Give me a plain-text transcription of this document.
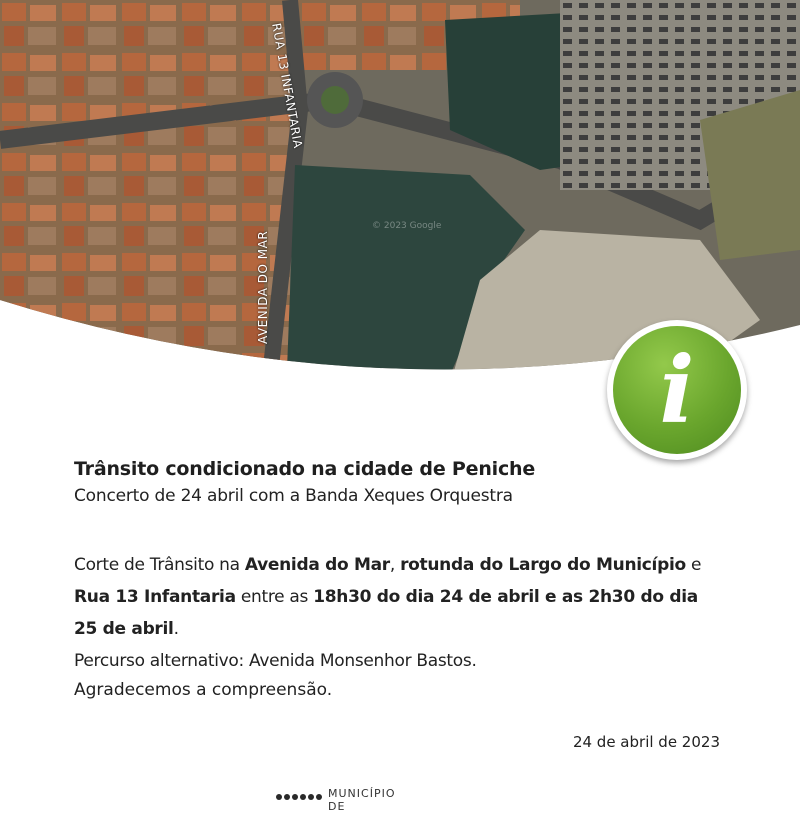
RUA 13 INFANTARIA
AVENIDA DO MAR
© 2023 Google
i
Trânsito condicionado na cidade de Peniche
Concerto de 24 abril com a Banda Xeques Orquestra
Corte de Trânsito na Avenida do Mar, rotunda do Largo do Município e Rua 13 Infantaria entre as 18h30 do dia 24 de abril e as 2h30 do dia 25 de abril.
Percurso alternativo: Avenida Monsenhor Bastos.
Agradecemos a compreensão.
24 de abril de 2023
MUNICÍPIO DE
